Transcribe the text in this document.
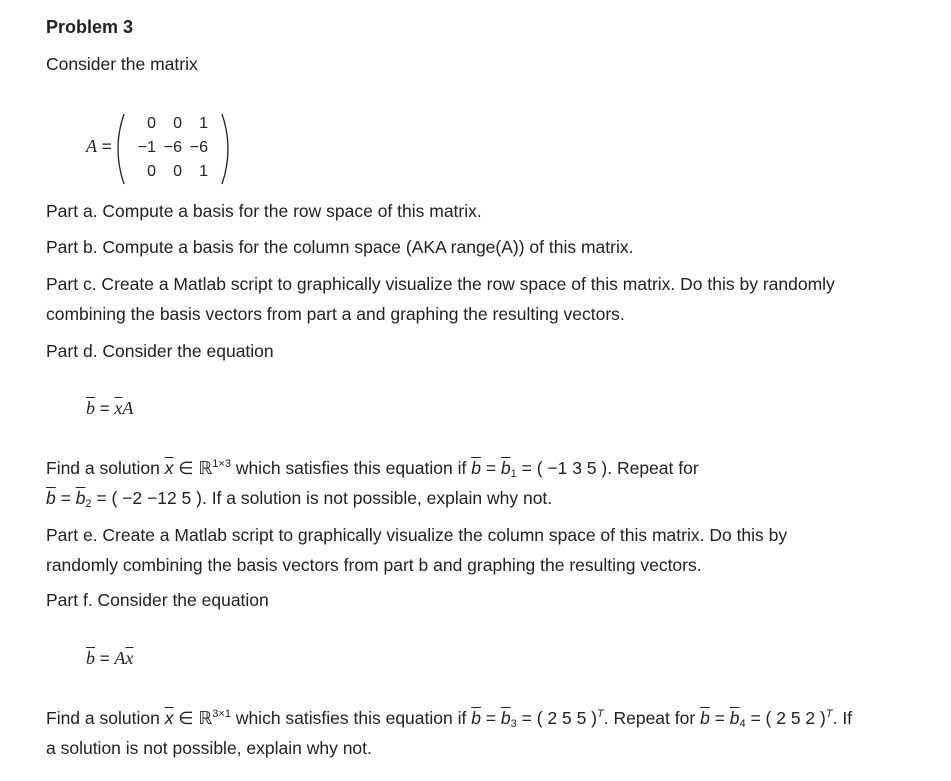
Problem 3
Consider the matrix
A =
0	0	1
−1 −6 −6
0	0	1
Part a. Compute a basis for the row space of this matrix.
Part b. Compute a basis for the column space (AKA range(A)) of this matrix.
Part c. Create a Matlab script to graphically visualize the row space of this matrix. Do this by randomly
combining the basis vectors from part a and graphing the resulting vectors.
Part d. Consider the equation
$\overline{b} = \overline{x}A$
Find a solution $\overline{x}$ ∈ ℝ$^{1\times 3}$ which satisfies this equation if $\overline{b} = \overline{b}_1$ = ( −1 3 5 ). Repeat for
$\overline{b} = \overline{b}_2$ = ( −2 −12 5 ). If a solution is not possible, explain why not.
Part e. Create a Matlab script to graphically visualize the column space of this matrix. Do this by
randomly combining the basis vectors from part b and graphing the resulting vectors.
Part f. Consider the equation
$\overline{b} = A\overline{x}$
Find a solution $\overline{x}$ ∈ ℝ$^{3\times 1}$ which satisfies this equation if $\overline{b} = \overline{b}_3$ = ( 2 5 5 )$^T$. Repeat for $\overline{b} = \overline{b}_4$ = ( 2 5 2 )$^T$. If
a solution is not possible, explain why not.
